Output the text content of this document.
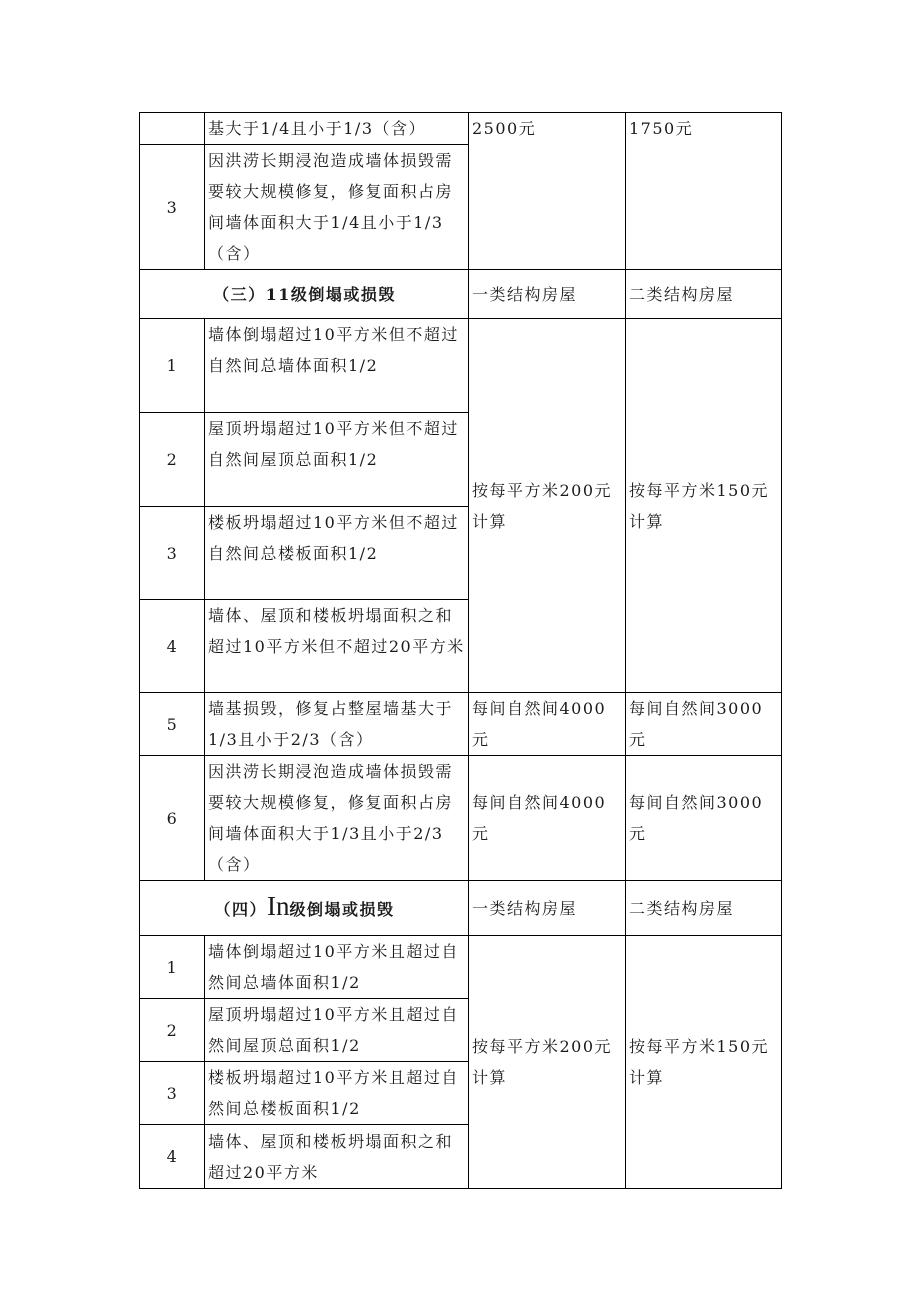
	基大于1/4且小于1/3（含）	2500元	1750元
3	因洪涝长期浸泡造成墙体损毁需要较大规模修复，修复面积占房间墙体面积大于1/4且小于1/3（含）		
（三）11级倒塌或损毁		一类结构房屋	二类结构房屋
1	墙体倒塌超过10平方米但不超过自然间总墙体面积1/2	按每平方米200元计算	按每平方米150元计算
2	屋顶坍塌超过10平方米但不超过自然间屋顶总面积1/2		
3	楼板坍塌超过10平方米但不超过自然间总楼板面积1/2		
4	墙体、屋顶和楼板坍塌面积之和超过10平方米但不超过20平方米		
5	墙基损毁，修复占整屋墙基大于1/3且小于2/3（含）	每间自然间4000元	每间自然间3000元
6	因洪涝长期浸泡造成墙体损毁需要较大规模修复，修复面积占房间墙体面积大于1/3且小于2/3（含）	每间自然间4000元	每间自然间3000元
（四）In级倒塌或损毁		一类结构房屋	二类结构房屋
1	墙体倒塌超过10平方米且超过自然间总墙体面积1/2	按每平方米200元计算	按每平方米150元计算
2	屋顶坍塌超过10平方米且超过自然间屋顶总面积1/2		
3	楼板坍塌超过10平方米且超过自然间总楼板面积1/2		
4	墙体、屋顶和楼板坍塌面积之和超过20平方米		
